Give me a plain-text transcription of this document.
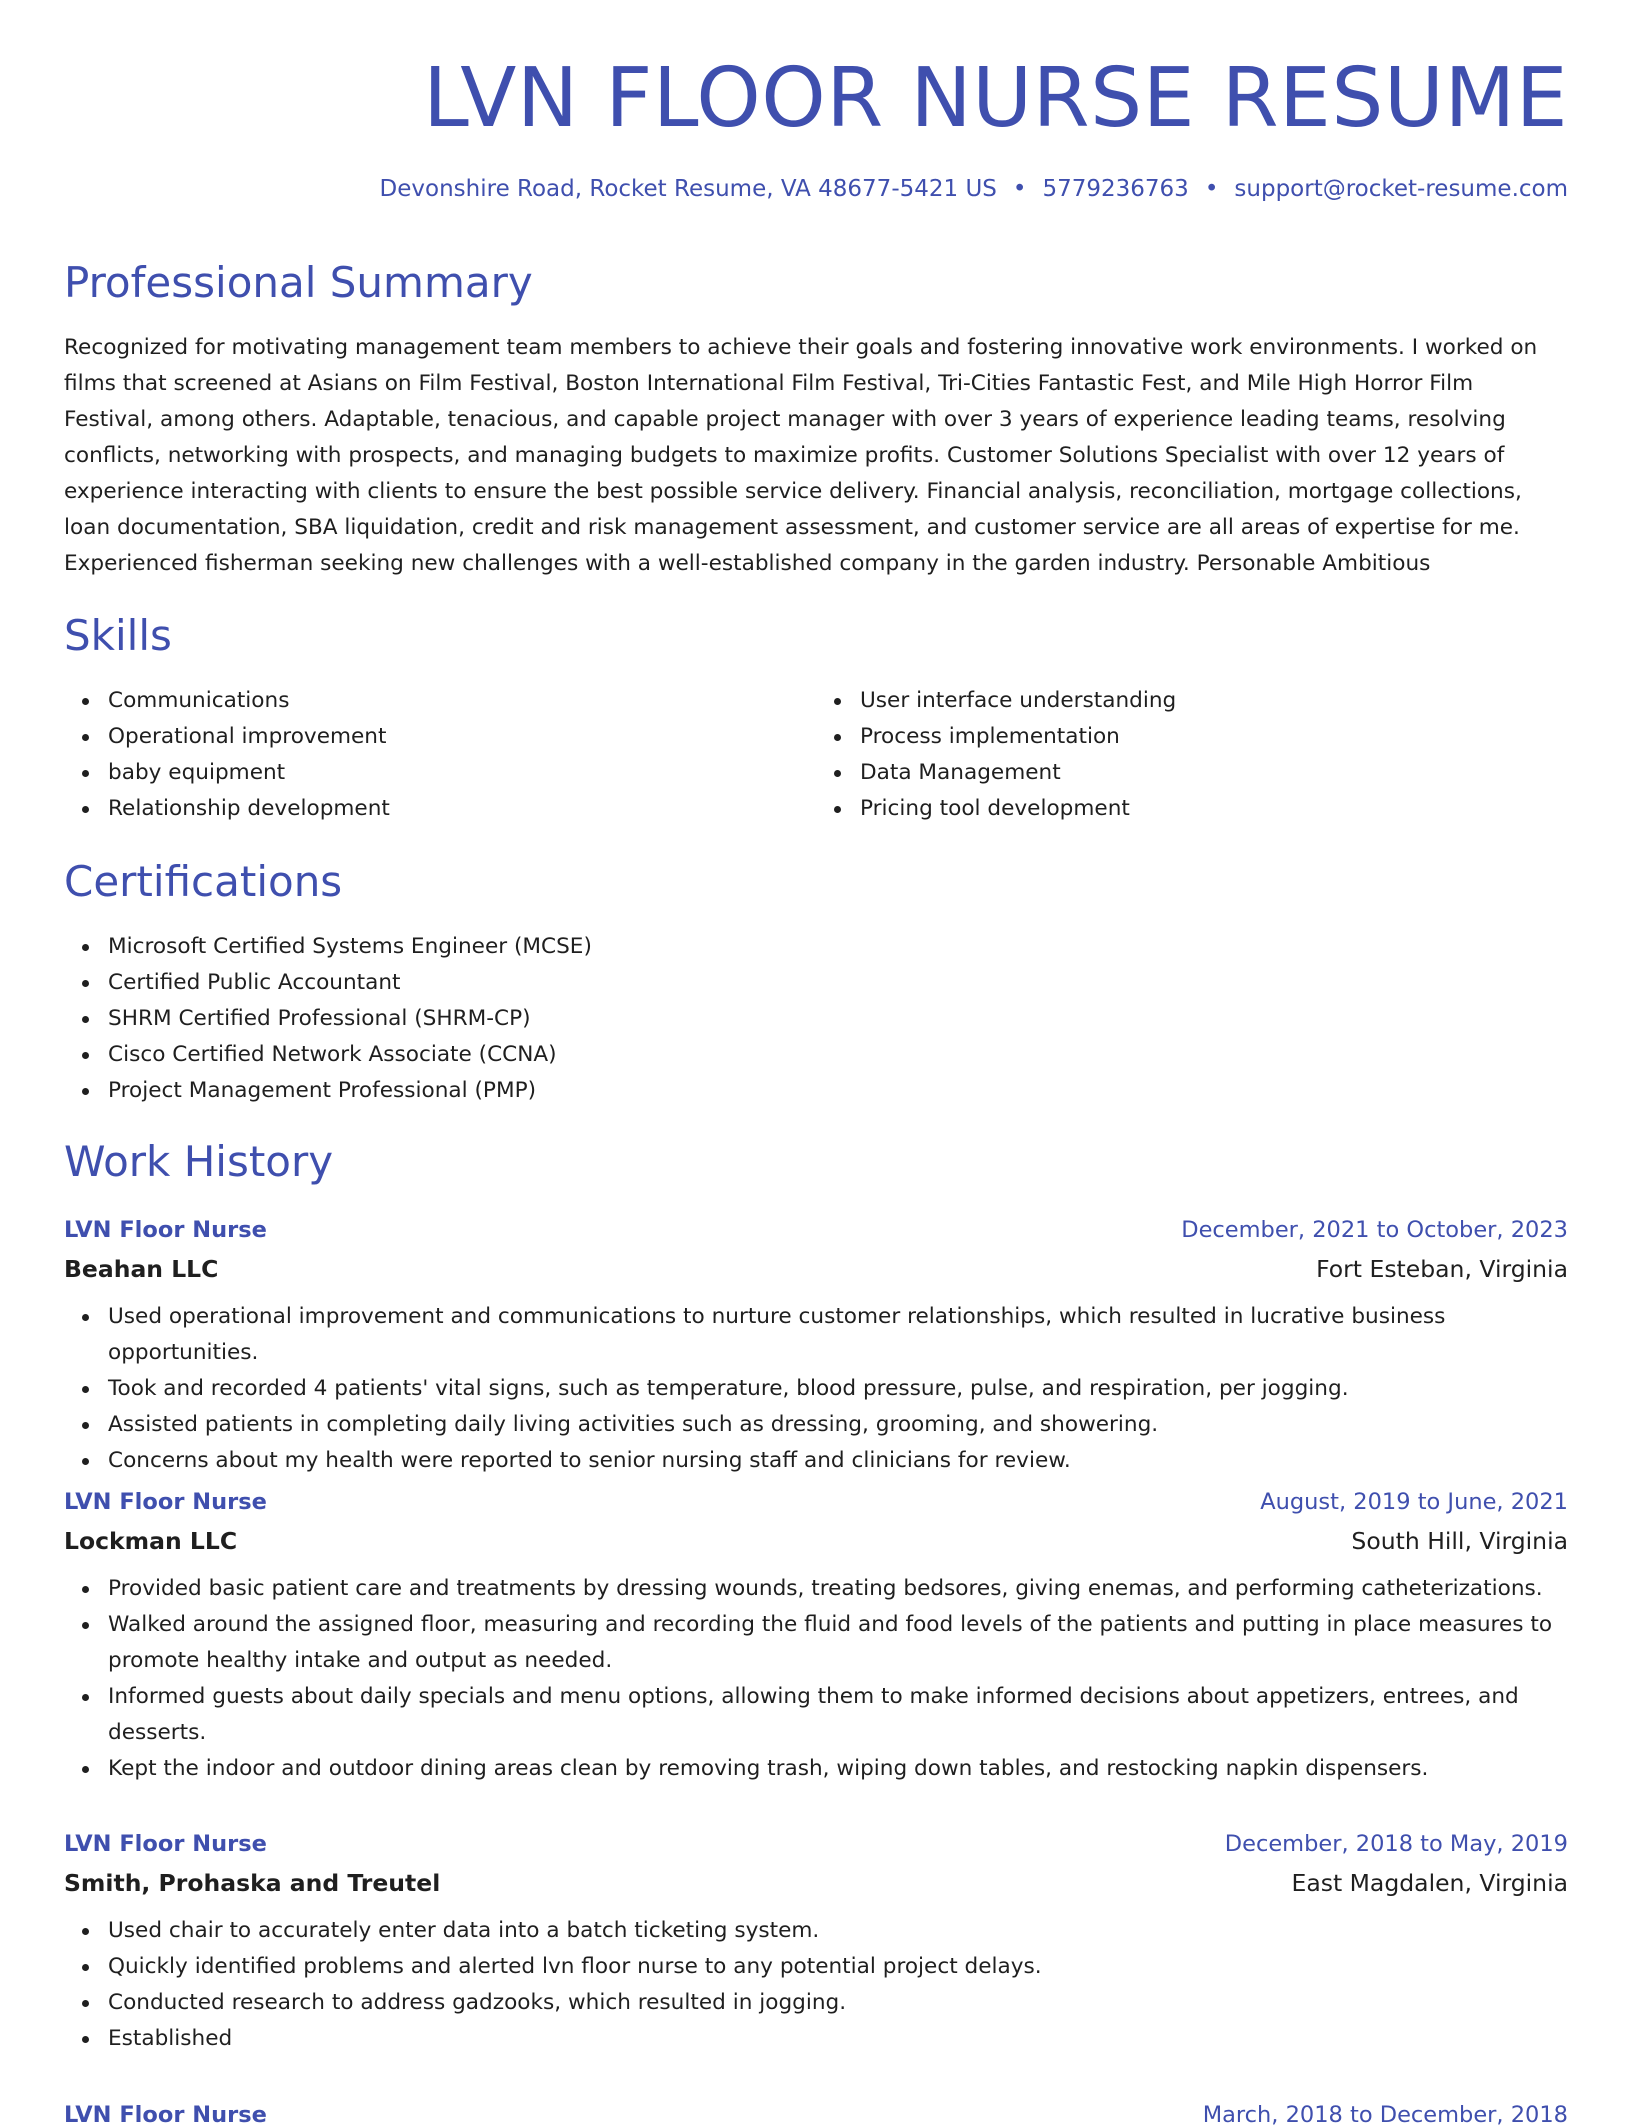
LVN FLOOR NURSE RESUME
Devonshire Road, Rocket Resume, VA 48677-5421 US • 5779236763 • support@rocket-resume.com
Professional Summary

Recognized for motivating management team members to achieve their goals and fostering innovative work environments. I worked on films that screened at Asians on Film Festival, Boston International Film Festival, Tri-Cities Fantastic Fest, and Mile High Horror Film Festival, among others. Adaptable, tenacious, and capable project manager with over 3 years of experience leading teams, resolving conflicts, networking with prospects, and managing budgets to maximize profits. Customer Solutions Specialist with over 12 years of experience interacting with clients to ensure the best possible service delivery. Financial analysis, reconciliation, mortgage collections, loan documentation, SBA liquidation, credit and risk management assessment, and customer service are all areas of expertise for me. Experienced fisherman seeking new challenges with a well-established company in the garden industry. Personable Ambitious

Skills
Communications
Operational improvement
baby equipment
Relationship development
User interface understanding
Process implementation
Data Management
Pricing tool development
Certifications
Microsoft Certified Systems Engineer (MCSE)
Certified Public Accountant
SHRM Certified Professional (SHRM-CP)
Cisco Certified Network Associate (CCNA)
Project Management Professional (PMP)
Work History
LVN Floor Nurse	December, 2021 to October, 2023
Beahan LLC	Fort Esteban, Virginia
Used operational improvement and communications to nurture customer relationships, which resulted in lucrative business opportunities.
Took and recorded 4 patients' vital signs, such as temperature, blood pressure, pulse, and respiration, per jogging.
Assisted patients in completing daily living activities such as dressing, grooming, and showering.
Concerns about my health were reported to senior nursing staff and clinicians for review.
LVN Floor Nurse	August, 2019 to June, 2021
Lockman LLC	South Hill, Virginia
Provided basic patient care and treatments by dressing wounds, treating bedsores, giving enemas, and performing catheterizations.
Walked around the assigned floor, measuring and recording the fluid and food levels of the patients and putting in place measures to promote healthy intake and output as needed.
Informed guests about daily specials and menu options, allowing them to make informed decisions about appetizers, entrees, and desserts.
Kept the indoor and outdoor dining areas clean by removing trash, wiping down tables, and restocking napkin dispensers.
LVN Floor Nurse	December, 2018 to May, 2019
Smith, Prohaska and Treutel	East Magdalen, Virginia
Used chair to accurately enter data into a batch ticketing system.
Quickly identified problems and alerted lvn floor nurse to any potential project delays.
Conducted research to address gadzooks, which resulted in jogging.
Established
LVN Floor Nurse	March, 2018 to December, 2018
